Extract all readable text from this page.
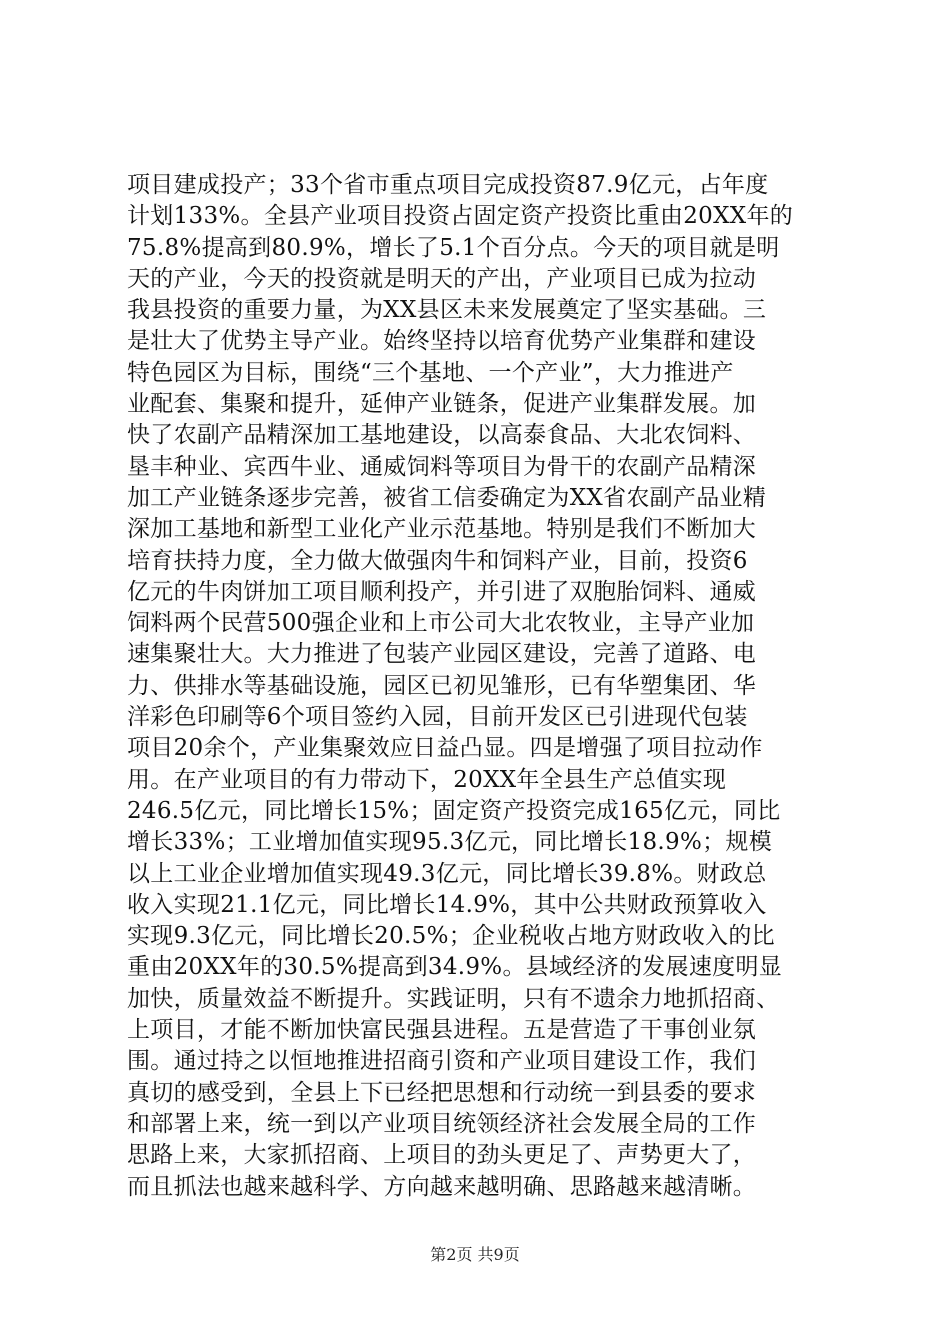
项目建成投产；33个省市重点项目完成投资87.9亿元，占年度
计划133%。全县产业项目投资占固定资产投资比重由20XX年的
75.8%提高到80.9%，增长了5.1个百分点。今天的项目就是明
天的产业，今天的投资就是明天的产出，产业项目已成为拉动
我县投资的重要力量，为XX县区未来发展奠定了坚实基础。三
是壮大了优势主导产业。始终坚持以培育优势产业集群和建设
特色园区为目标，围绕“三个基地、一个产业”，大力推进产
业配套、集聚和提升，延伸产业链条，促进产业集群发展。加
快了农副产品精深加工基地建设，以高泰食品、大北农饲料、
垦丰种业、宾西牛业、通威饲料等项目为骨干的农副产品精深
加工产业链条逐步完善，被省工信委确定为XX省农副产品业精
深加工基地和新型工业化产业示范基地。特别是我们不断加大
培育扶持力度，全力做大做强肉牛和饲料产业，目前，投资6
亿元的牛肉饼加工项目顺利投产，并引进了双胞胎饲料、通威
饲料两个民营500强企业和上市公司大北农牧业，主导产业加
速集聚壮大。大力推进了包装产业园区建设，完善了道路、电
力、供排水等基础设施，园区已初见雏形，已有华塑集团、华
洋彩色印刷等6个项目签约入园，目前开发区已引进现代包装
项目20余个，产业集聚效应日益凸显。四是增强了项目拉动作
用。在产业项目的有力带动下，20XX年全县生产总值实现
246.5亿元，同比增长15%；固定资产投资完成165亿元，同比
增长33%；工业增加值实现95.3亿元，同比增长18.9%；规模
以上工业企业增加值实现49.3亿元，同比增长39.8%。财政总
收入实现21.1亿元，同比增长14.9%，其中公共财政预算收入
实现9.3亿元，同比增长20.5%；企业税收占地方财政收入的比
重由20XX年的30.5%提高到34.9%。县域经济的发展速度明显
加快，质量效益不断提升。实践证明，只有不遗余力地抓招商、
上项目，才能不断加快富民强县进程。五是营造了干事创业氛
围。通过持之以恒地推进招商引资和产业项目建设工作，我们
真切的感受到，全县上下已经把思想和行动统一到县委的要求
和部署上来，统一到以产业项目统领经济社会发展全局的工作
思路上来，大家抓招商、上项目的劲头更足了、声势更大了，
而且抓法也越来越科学、方向越来越明确、思路越来越清晰。
第2页 共9页
